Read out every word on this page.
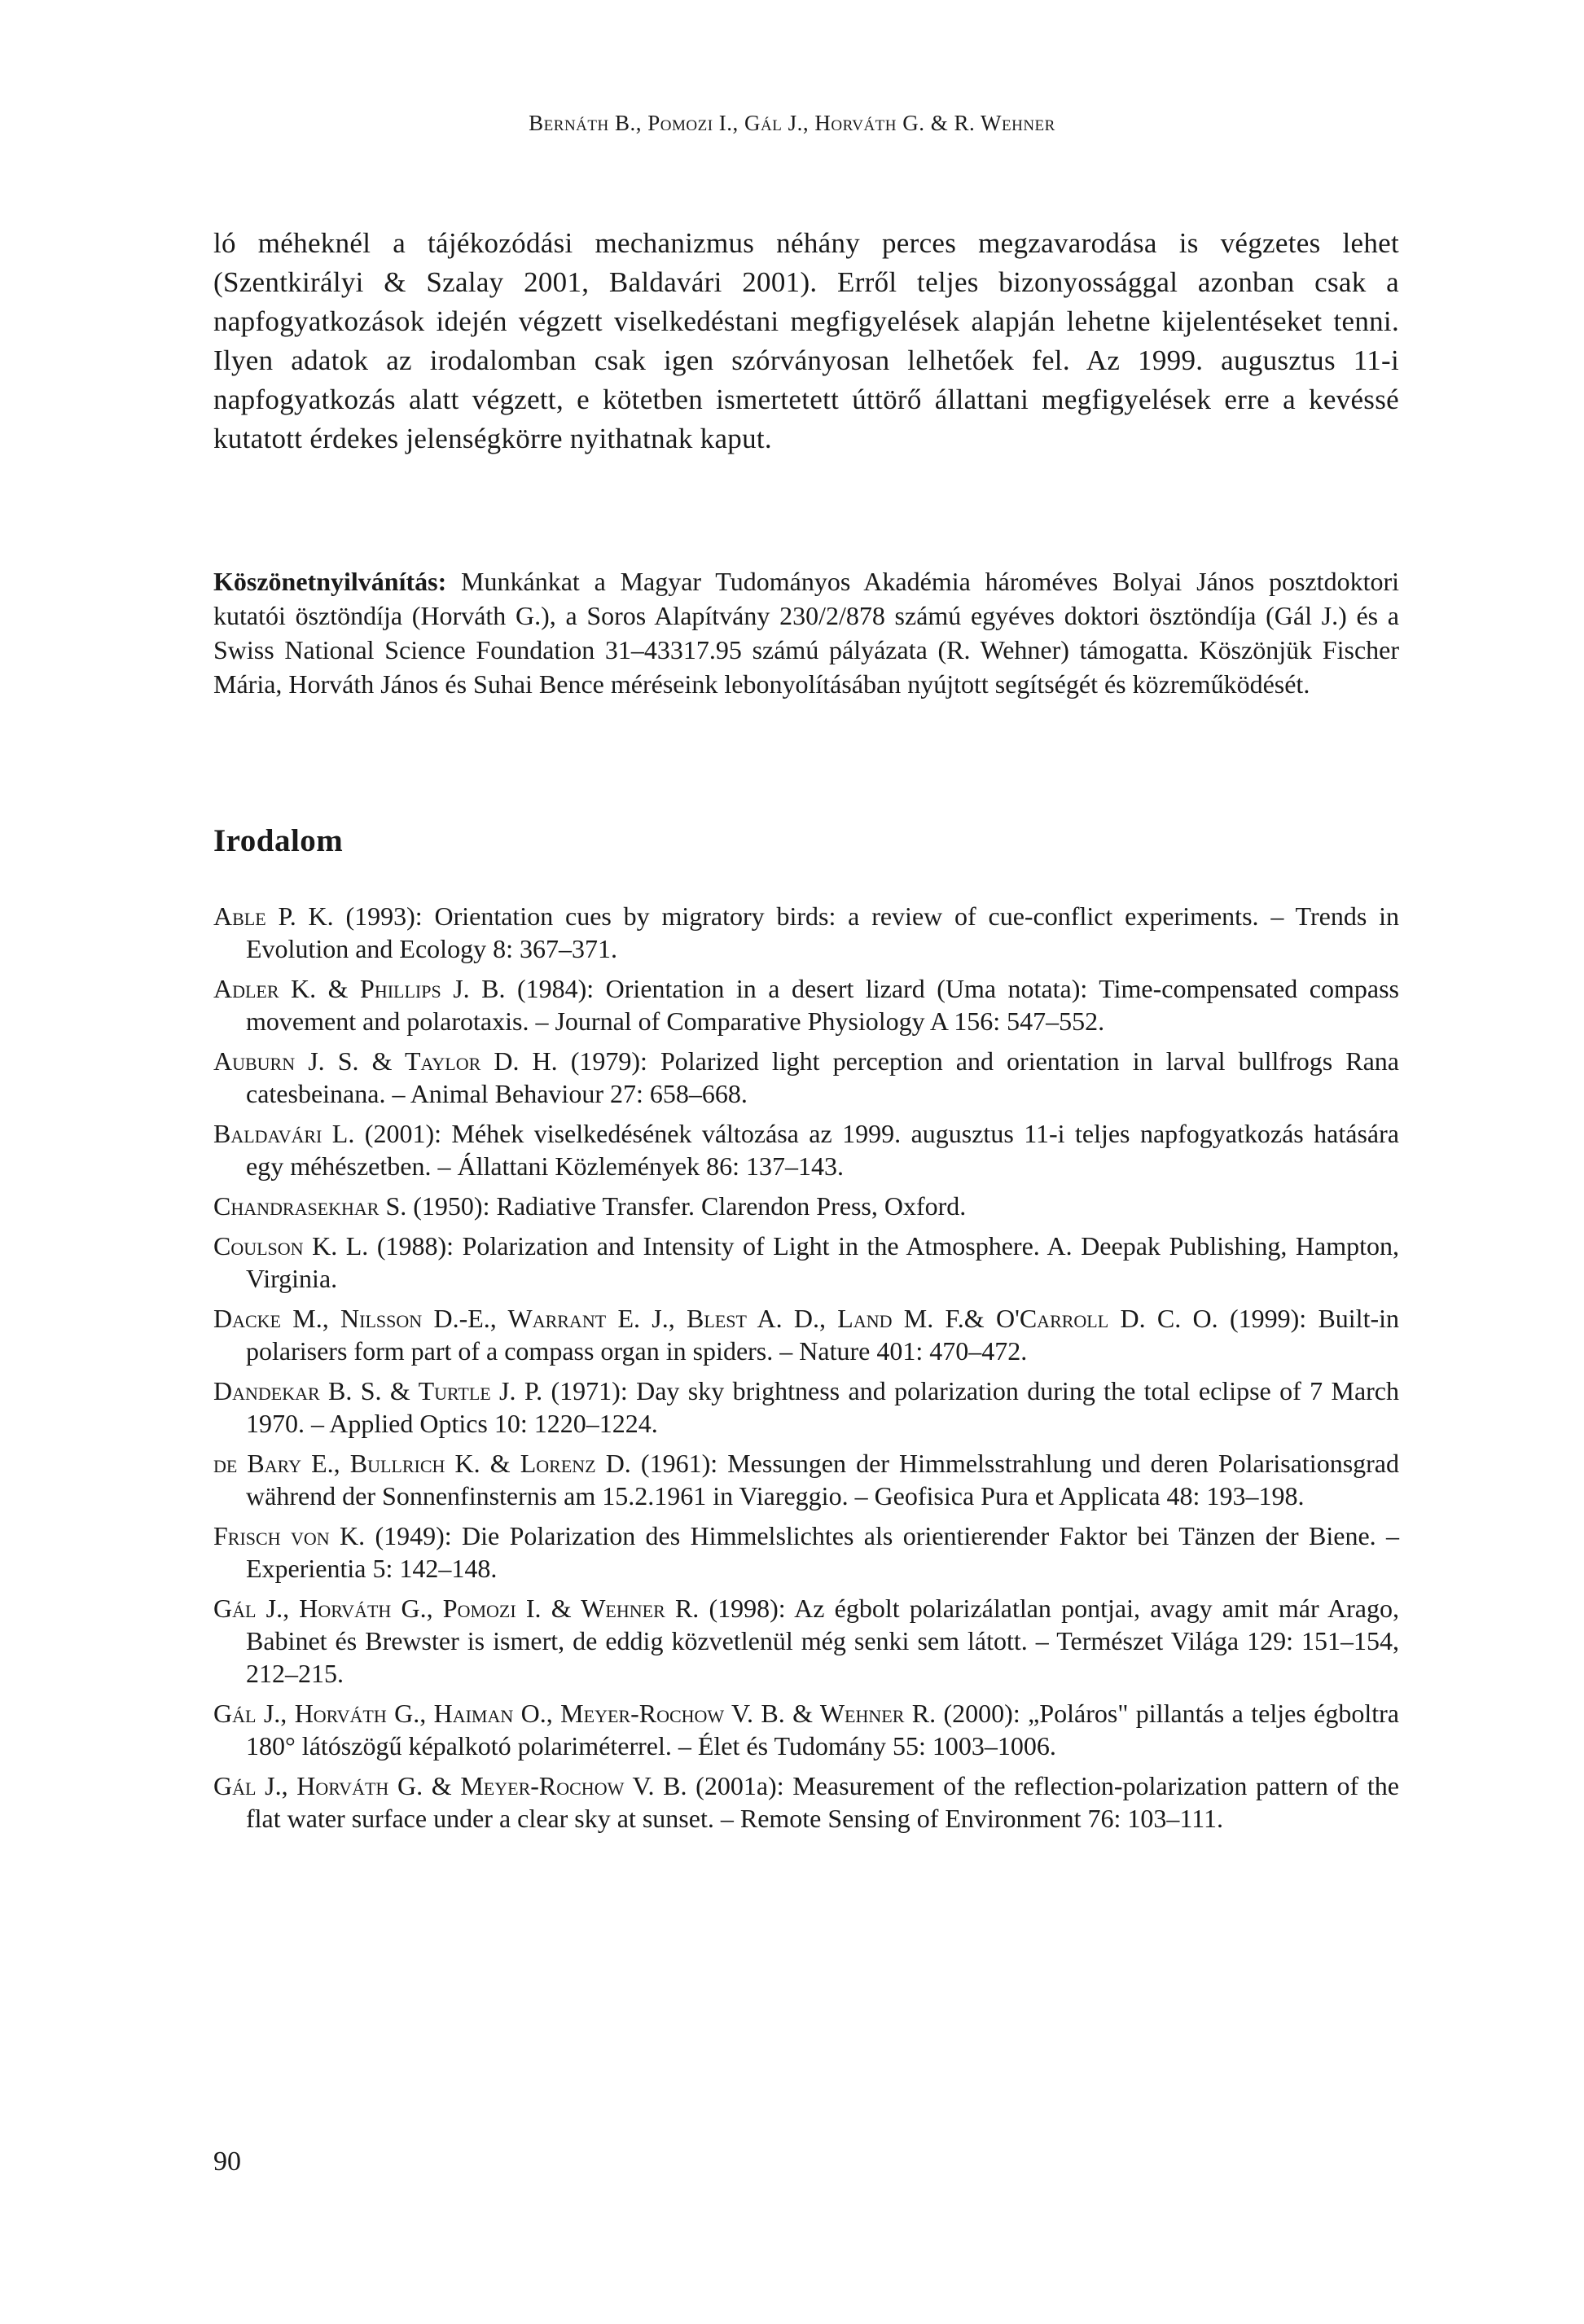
Bernáth B., Pomozi I., Gál J., Horváth G. & R. Wehner
ló méheknél a tájékozódási mechanizmus néhány perces megzavarodása is végzetes lehet (Szentkirályi & Szalay 2001, Baldavári 2001). Erről teljes bizonyossággal azonban csak a napfogyatkozások idején végzett viselkedéstani megfigyelések alapján lehetne kijelentéseket tenni. Ilyen adatok az irodalomban csak igen szórványosan lelhetőek fel. Az 1999. augusztus 11-i napfogyatkozás alatt végzett, e kötetben ismertetett úttörő állattani megfigyelések erre a kevéssé kutatott érdekes jelenségkörre nyithatnak kaput.
Köszönetnyilvánítás: Munkánkat a Magyar Tudományos Akadémia hároméves Bolyai János posztdoktori kutatói ösztöndíja (Horváth G.), a Soros Alapítvány 230/2/878 számú egyéves doktori ösztöndíja (Gál J.) és a Swiss National Science Foundation 31–43317.95 számú pályázata (R. Wehner) támogatta. Köszönjük Fischer Mária, Horváth János és Suhai Bence méréseink lebonyolításában nyújtott segítségét és közreműködését.
Irodalom
Able P. K. (1993): Orientation cues by migratory birds: a review of cue-conflict experiments. – Trends in Evolution and Ecology 8: 367–371.
Adler K. & Phillips J. B. (1984): Orientation in a desert lizard (Uma notata): Time-compensated compass movement and polarotaxis. – Journal of Comparative Physiology A 156: 547–552.
Auburn J. S. & Taylor D. H. (1979): Polarized light perception and orientation in larval bullfrogs Rana catesbeinana. – Animal Behaviour 27: 658–668.
Baldavári L. (2001): Méhek viselkedésének változása az 1999. augusztus 11-i teljes napfogyatkozás hatására egy méhészetben. – Állattani Közlemények 86: 137–143.
Chandrasekhar S. (1950): Radiative Transfer. Clarendon Press, Oxford.
Coulson K. L. (1988): Polarization and Intensity of Light in the Atmosphere. A. Deepak Publishing, Hampton, Virginia.
Dacke M., Nilsson D.-E., Warrant E. J., Blest A. D., Land M. F.& O'Carroll D. C. O. (1999): Built-in polarisers form part of a compass organ in spiders. – Nature 401: 470–472.
Dandekar B. S. & Turtle J. P. (1971): Day sky brightness and polarization during the total eclipse of 7 March 1970. – Applied Optics 10: 1220–1224.
de Bary E., Bullrich K. & Lorenz D. (1961): Messungen der Himmelsstrahlung und deren Polarisationsgrad während der Sonnenfinsternis am 15.2.1961 in Viareggio. – Geofisica Pura et Applicata 48: 193–198.
Frisch von K. (1949): Die Polarization des Himmelslichtes als orientierender Faktor bei Tänzen der Biene. – Experientia 5: 142–148.
Gál J., Horváth G., Pomozi I. & Wehner R. (1998): Az égbolt polarizálatlan pontjai, avagy amit már Arago, Babinet és Brewster is ismert, de eddig közvetlenül még senki sem látott. – Természet Világa 129: 151–154, 212–215.
Gál J., Horváth G., Haiman O., Meyer-Rochow V. B. & Wehner R. (2000): „Poláros" pillantás a teljes égboltra 180° látószögű képalkotó polariméterrel. – Élet és Tudomány 55: 1003–1006.
Gál J., Horváth G. & Meyer-Rochow V. B. (2001a): Measurement of the reflection-polarization pattern of the flat water surface under a clear sky at sunset. – Remote Sensing of Environment 76: 103–111.
90
